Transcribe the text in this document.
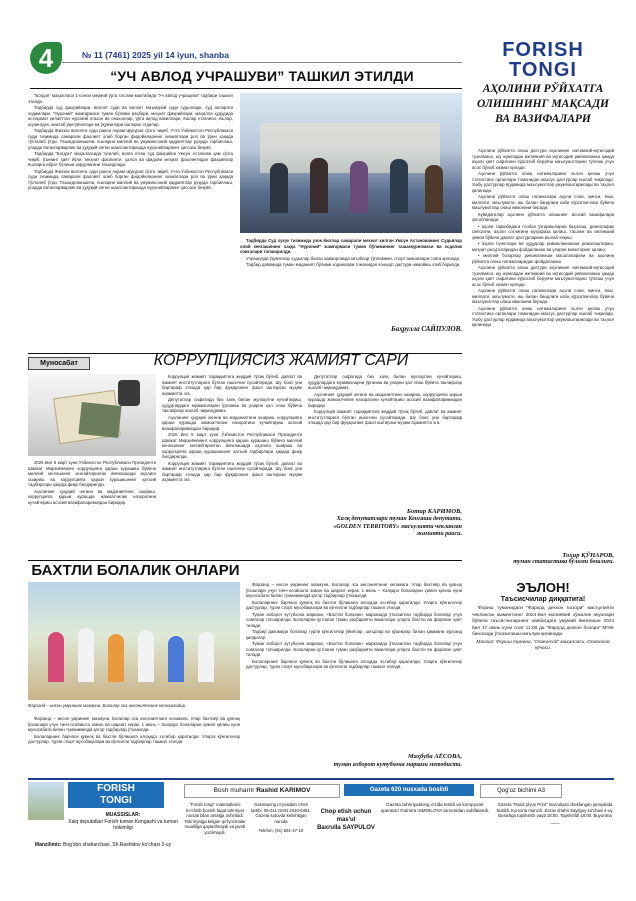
4	№ 11 (7461) 2025 yil 14 iyun, shanba	FORISH
TONGI
“УЧ АВЛОД УЧРАШУВИ” ТАШКИЛ ЭТИЛДИ

“Богдон” маҳалласи 1-сонли умумий ўрта таълим мактабида “Уч авлод учрашуви” тадбири ташкил этилди.

Тадбирда суд фахрийлари, вилоят суди ва вилоят маъмурий суди судьялари, суд аппарати ходимлари, “Нуроний” жамғармаси туман бўлими раҳбари, меҳнат фахрийлари, маҳалла ҳудудида истиқомат қилаётган нуроний отахон ва онахонлар, ўрта ақлод вакиллари, ёшлар етакчиси, ёшлар, шунингдек, мактаб ўқитувчилари ва ўқувчилари иштирок этдилар.

Тадбирда Жиззах вилояти суди раиси Акрам Шукуров сўзга чиқиб, Учта Ўзбекистон Республикаси суди тизимида самарали фаолият олиб борган фидойиларнинг хизматлари рол ва ўрни ҳақида тўхталиб ўтди. Таъкидланишича, ёшларни миллий ва умуминсоний қадриятлар руҳида тарбиялаш, уларда ватанпарварлик ва ҳуқуқий онгни шакллантиришда нуронийларнинг ҳиссаси беқиёс.

Тадбирда “Богдон” маҳалласида туғилиб, вояга етган суд фахрийси Умсун Астанова ҳам сўзга чиқиб, ўзининг ҳаёт йўли, меҳнат фаолияти, ҳалол ва фидойи меҳнат фаолиятидан фахрийлар ёшларга ибрат бўлиши зарурлигини таъкидлади.

Тадбирда Жиззах вилояти суди раиси Акрам Шукуров сўзга чиқиб, Учта Ўзбекистон Республикаси суди тизимида самарали фаолият олиб борган фидойиларнинг хизматлари рол ва ўрни ҳақида тўхталиб ўтди. Таъкидланишича, ёшларни миллий ва умуминсоний қадриятлар руҳида тарбиялаш, уларда ватанпарварлик ва ҳуқуқий онгни шакллантиришда нуронийларнинг ҳиссаси беқиёс.

Тадбирда Суд хукук тизимида узок йиллар самарали мехнат килган Умсун Астанованинг Судьялар олий кенгашининг хаққа “Нуроний” жамғармаси туман бўлимининг ташаккурномаси ва эсдалик совғалари топширилди.

Учрашувда ўқувчилар судьялар билан ҳамкорликда китоблар тўпламини, спорт анжомлари совға қилинди.

Тадбир давомида туман маданият бўлими ходимлари томонидан концерт дастури намойиш этиб борилди.

Баҳрулла САЙПУЛОВ.
АҲОЛИНИ РЎЙХАТГА ОЛИШНИНГ МАҚСАДИ ВА ВАЗИФАЛАРИ

Аҳолини рўйхатга олиш дастури аҳолининг ижтимоий-иқтисодий тузилмаси, шу жумладан ижтимоий ва иқтисодий ривожланиш ҳамда аҳоли ҳаёт сифатини кўрсатиб берувчи маълумотларни тўплаш учун асос бўлиб хизмат қилади.

Аҳолини рўйхатга олиш натижаларини эълон қилиш учун статистика органлари томонидан махсус дастурлар ишлаб чиқилади. Ушбу дастурлар ёрдамида маълумотлар умумлаштирилади ва таҳлил қилинади.

Аҳолини рўйхатга олиш натижалари аҳоли сони, жинси, ёши, миллати, маълумоти, иш билан бандлиги каби кўрсаткичлар бўйича маълумотлар олиш имконини беради.

Куйидагилар аҳолини рўйхатга олишнинг асосий вазифалари ҳисобланади:

• аҳоли таркибидаги глобал ўзгаришларни баҳолаш, демографик сиёсатни, аҳоли соғлиғини муҳофаза қилиш, таълим ва ижтимоий ҳимоя бўйича давлат дастурларини ишлаб чиқиш;

• аҳоли пунктлари ва ҳудудлар ривожланишини режалаштириш, меҳнат ресурсларидан фойдаланиш ва уларни мониторинг қилиш;

• миллий бозорлар ривожланиши масалаларини ва аҳолини рўйхатга олиш натижаларидан фойдаланиш.

Аҳолини рўйхатга олиш дастури аҳолининг ижтимоий-иқтисодий тузилмаси, шу жумладан ижтимоий ва иқтисодий ривожланиш ҳамда аҳоли ҳаёт сифатини кўрсатиб берувчи маълумотларни тўплаш учун асос бўлиб хизмат қилади.

Аҳолини рўйхатга олиш натижалари аҳоли сони, жинси, ёши, миллати, маълумоти, иш билан бандлиги каби кўрсаткичлар бўйича маълумотлар олиш имконини беради.

Аҳолини рўйхатга олиш натижаларини эълон қилиш учун статистика органлари томонидан махсус дастурлар ишлаб чиқилади. Ушбу дастурлар ёрдамида маълумотлар умумлаштирилади ва таҳлил қилинади.

Тоҳир ҚЎНАРОВ,
туман статистика бўлими бошлиғи.
ЭЪЛОН!
Таъсисчилар диққатига!

Фориш туманидаги “Фарҳод дехкон бозори” масъулияти чекланган жамиятнинг 2024-йил молиявий хўжалик якунлари бўйича таъсисчиларнинг навбатдаги умумий йиғилиши 2024 йил 17 июнь куни соат 11:00 да “Фарҳод дехкон бозори” МЧЖ биносида ўтказилиши маълум қилинади.

Манзил: Фориш тумани, “Осмонсой” маҳалласи, Осмонсой кўчаси.

Муносабат	КОРРУПЦИЯСИЗ ЖАМИЯТ САРИ

2025 йил 5 март куни Ўзбекистон Республикаси Президенти Шавкат Мирзиёевнинг коррупцияга қарши курашиш бўйича миллий кенгашнинг кенгайтирилган йиғилишида аҳолига ошириш ва коррупцияга қарши курашишнинг қатъий тадбирлари ҳақида фикр билдирилди.

Аҳолининг ҳуқуқий онгини ва маданиятини ошириш, коррупцияга қарши курашда жамоатчилик назоратини кучайтириш асосий вазифаларимиздан биридир.

Коррупция жамият тараққиётига жиддий тўсиқ бўлиб, давлат ва жамият институтларига бўлган ишончни сусайтиради. Шу боис уни бартараф этишда ҳар бир фуқаронинг фаол иштироки муҳим аҳамиятга эга.

Депутатлар сифатида биз халқ билан мулоқотни кучайтириш, ҳудудлардаги муаммоларни ўрганиш ва уларни ҳал этиш бўйича таклифлар ишлаб чиқмоқдамиз.

Аҳолининг ҳуқуқий онгини ва маданиятини ошириш, коррупцияга қарши курашда жамоатчилик назоратини кучайтириш асосий вазифаларимиздан биридир.

2025 йил 5 март куни Ўзбекистон Республикаси Президенти Шавкат Мирзиёевнинг коррупцияга қарши курашиш бўйича миллий кенгашнинг кенгайтирилган йиғилишида аҳолига ошириш ва коррупцияга қарши курашишнинг қатъий тадбирлари ҳақида фикр билдирилди.

Коррупция жамият тараққиётига жиддий тўсиқ бўлиб, давлат ва жамият институтларига бўлган ишончни сусайтиради. Шу боис уни бартараф этишда ҳар бир фуқаронинг фаол иштироки муҳим аҳамиятга эга.

Депутатлар сифатида биз халқ билан мулоқотни кучайтириш, ҳудудлардаги муаммоларни ўрганиш ва уларни ҳал этиш бўйича таклифлар ишлаб чиқмоқдамиз.

Аҳолининг ҳуқуқий онгини ва маданиятини ошириш, коррупцияга қарши курашда жамоатчилик назоратини кучайтириш асосий вазифаларимиздан биридир.

Коррупция жамият тараққиётига жиддий тўсиқ бўлиб, давлат ва жамият институтларига бўлган ишончни сусайтиради. Шу боис уни бартараф этишда ҳар бир фуқаронинг фаол иштироки муҳим аҳамиятга эга.

Ботир КАРИМОВ,
Халқ депутатлари туман Кенгаши депутати, «GOLDEN TERRITORY» масъулияти чекланган жамияти раиси.
БАХТЛИ БОЛАЛИК ОНЛАРИ

Фарзанд – инсон умрининг мазмуни. Болалар эса инсониятнинг келажагидир.

Фарзанд – инсон умрининг мазмуни. Болалар эса инсониятнинг келажаги. Улар бахтиёр ва қувноқ ўсишлари учун тинч-осойишта замон ва шароит керак. 1 июнь – Халқаро болаларни ҳимоя қилиш куни муносабати билан туманимизда қатор тадбирлар ўтказилди.

Болаларнинг барчаси қувноқ ва бахтли бўлишига алоҳида эътибор қаратилди. Уларга кўнгилочар дастурлар, турли спорт мусобақалари ва кўнгилли тадбирлар ташкил этилди.

Фарзанд – инсон умрининг мазмуни. Болалар эса инсониятнинг келажаги. Улар бахтиёр ва қувноқ ўсишлари учун тинч-осойишта замон ва шароит керак. 1 июнь – Халқаро болаларни ҳимоя қилиш куни муносабати билан туманимизда қатор тадбирлар ўтказилди.

Болаларнинг барчаси қувноқ ва бахтли бўлишига алоҳида эътибор қаратилди. Уларга кўнгилочар дастурлар, турли спорт мусобақалари ва кўнгилли тадбирлар ташкил этилди.

Туман ахборот кутубхона маркази, «Бахтли болалик» марказида ўтказилган тадбирда болалар учун совғалар топширилди. Болаларни қутлаган туман раҳбарияти вакиллари уларга бахтли ва фаровон ҳаёт тилади.

Тадбир давомида болалар турли кўнгилочар ўйинлар, шеърлар ва қўшиқлар билан ҳаммани хурсанд қилдилар.

Туман ахборот кутубхона маркази, «Бахтли болалик» марказида ўтказилган тадбирда болалар учун совғалар топширилди. Болаларни қутлаган туман раҳбарияти вакиллари уларга бахтли ва фаровон ҳаёт тилади.

Болаларнинг барчаси қувноқ ва бахтли бўлишига алоҳида эътибор қаратилди. Уларга кўнгилочар дастурлар, турли спорт мусобақалари ва кўнгилли тадбирлар ташкил этилди.

Маҳбуба АЁСОВА,
туман ахборот кутубхона маркази методисти.
FORISH
TONGI
MUASSISLAR:
Xalq deputatlari Forish tuman Kengashi va tuman hokimligi
Manzilimiz: Bog'don shaharchasi, Sh.Rashidov ko'chasi 3-uy
Bosh muharrir Rashid KARIMOV	Gazeta 620 nusxada bosildi	Qog'oz bichimi A3
“Forish tongi” materiallarini ko'chirib bosish faqat tahririyat ruxsati bilan amalga oshiriladi. Tahririyatga kelgan qo'lyozmalar muallifga qaytarilmaydi va javob yozilmaydi.
Gazetaning ro'yxatdan o'tish tartibi: 06-011 ISSN 2010-8451. Gazeta sotuvda kelishilgan narxda
Telefon: (91) 591-47-10
Chop etish uchun mas'ul
Baxrulla SAYPULOV
Gazeta tahririyatining o'zida terildi va kompyuter operatori Gulmira ISMOILOVA tomonidan sahifalandi.
Gazeta “Rasiz plyus Print” mas'uliyati cheklangan jamiyatida bosildi. Korxona manzili: Jizzax shahri Sayilgoy ko'chasi 4-uy. Bosishga topshirish vaqti 18:00. Topshirildi 18:00. Buyurtma ____
